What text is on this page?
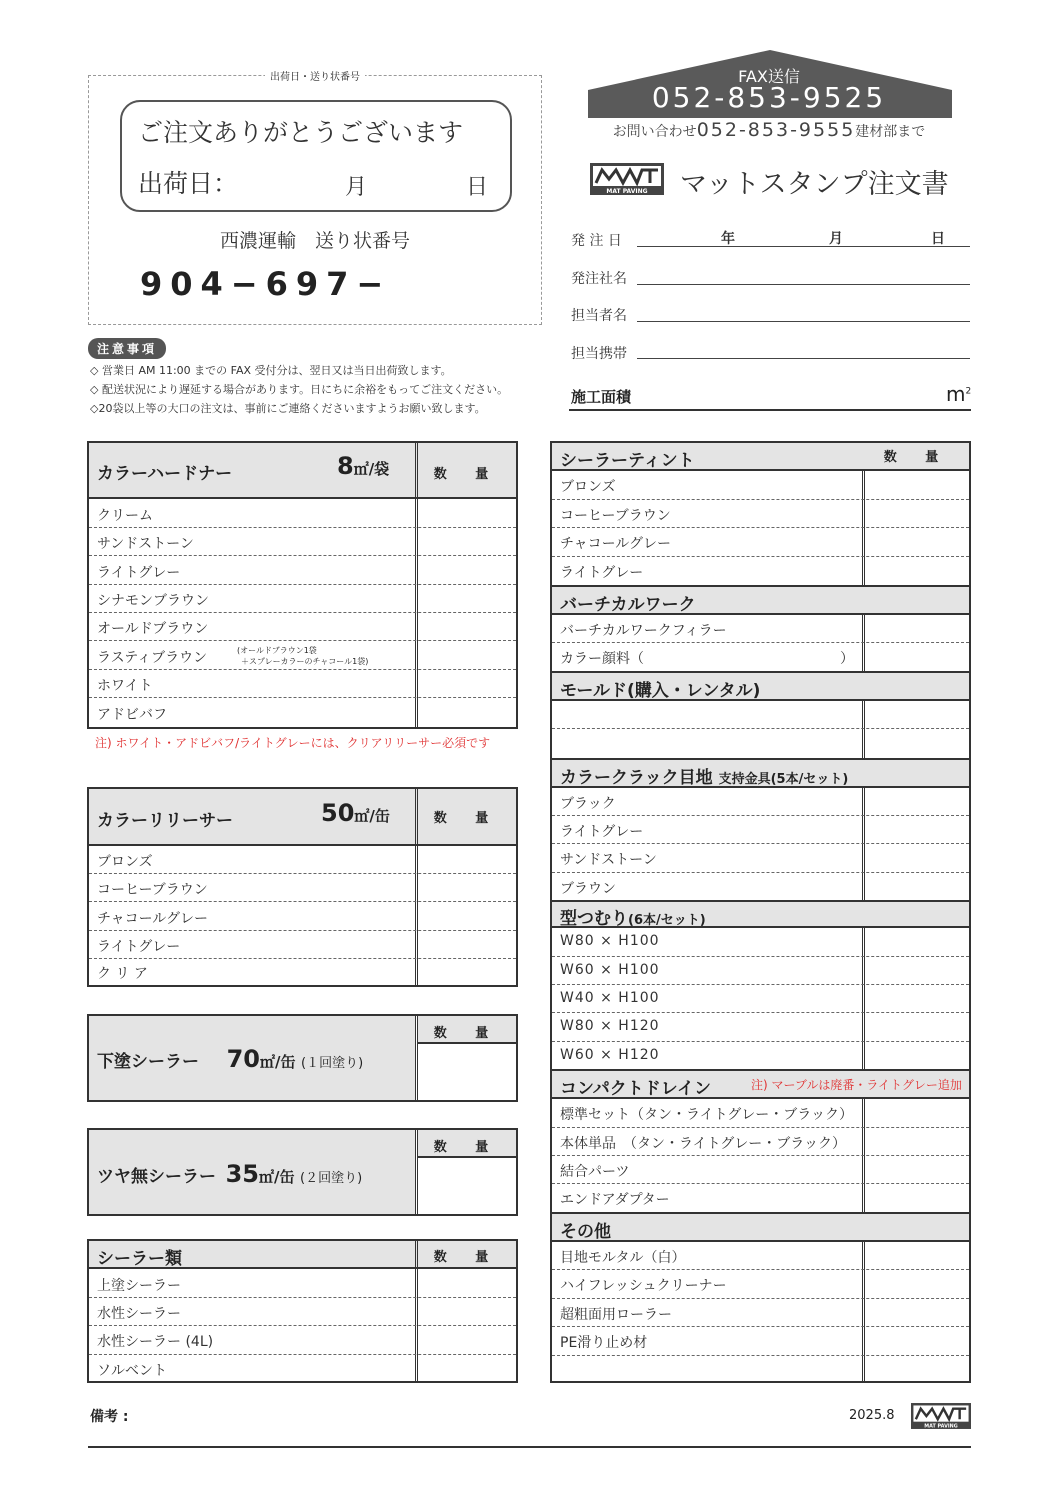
出荷日・送り状番号
ご注文ありがとうございます
出荷日：	月	日
西濃運輸　送り状番号
904−697−
注意事項
◇ 営業日 AM 11:00 までの FAX 受付分は、翌日又は当日出荷致します。
◇ 配送状況により遅延する場合があります。日にちに余裕をもってご注文ください。
◇20袋以上等の大口の注文は、事前にご連絡くださいますようお願い致します。
FAX送信
052-853-9525
お問い合わせ052-853-9555建材部まで
MAT PAVING マットスタンプ注文書
発 注 日	年	月	日
発注社名
担当者名
担当携帯
施工面積	$m^2$
カラーハードナー	8㎡/袋	数 量
クリーム
サンドストーン
ライトグレー
シナモンブラウン
オールドブラウン
ラスティブラウン	(オールドブラウン1袋
＋スプレーカラーのチャコール1袋)
ホワイト
アドビバフ
注) ホワイト・アドビバフ/ライトグレーには、クリアリリーサー必須です
カラーリリーサー	50㎡/缶	数 量
ブロンズ
コーヒーブラウン
チャコールグレー
ライトグレー
ク リ ア
下塗シーラー 70㎡/缶 (１回塗り)
数 量
ツヤ無シーラー 35㎡/缶 (２回塗り)
数 量
シーラー類	数 量
上塗シーラー
水性シーラー
水性シーラー (4L)
ソルベント
シーラーティント	数 量
ブロンズ
コーヒーブラウン
チャコールグレー
ライトグレー
バーチカルワーク
バーチカルワークフィラー
カラー顔料（　　　　　　　　　　　　　　）
モールド(購入・レンタル)
カラークラック目地 支持金具(5本/セット)
ブラック
ライトグレー
サンドストーン
ブラウン
型つむり(6本/セット)
W80 × H100
W60 × H100
W40 × H100
W80 × H120
W60 × H120
コンパクトドレイン	注) マーブルは廃番・ライトグレー追加
標準セット（タン・ライトグレー・ブラック）
本体単品　（タン・ライトグレー・ブラック）
結合パーツ
エンドアダプター
その他
目地モルタル（白）
ハイフレッシュクリーナー
超粗面用ローラー
PE滑り止め材
備考 :	2025.8
MAT PAVING
